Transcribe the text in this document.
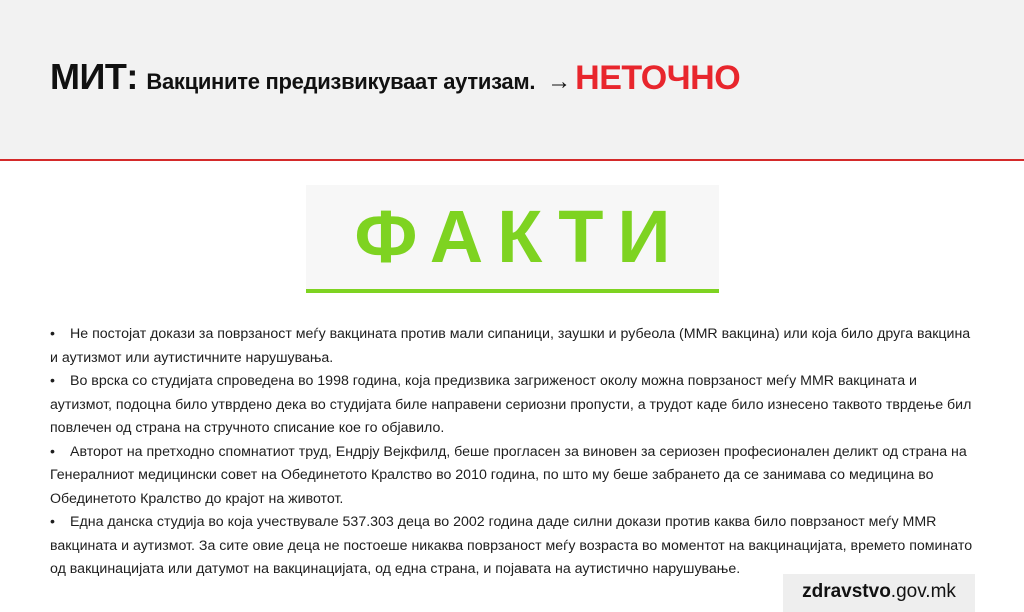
МИТ : Вакцините предизвикуваат аутизам. → НЕТОЧНО
ФАКТИ
• Не постојат докази за поврзаност меѓу вакцината против мали сипаници, заушки и рубеола (MMR вакцина) или која било друга вакцина и аутизмот или аутистичните нарушувања.
• Во врска со студијата спроведена во 1998 година, која предизвика загриженост околу можна поврзаност меѓу MMR вакцината и аутизмот, подоцна било утврдено дека во студијата биле направени сериозни пропусти, а трудот каде било изнесено таквото тврдење бил повлечен од страна на стручното списание кое го објавило.
• Авторот на претходно спомнатиот труд, Ендрју Вејкфилд, беше прогласен за виновен за сериозен професионален деликт од страна на Генералниот медицински совет на Обединетото Кралство во 2010 година, по што му беше забрането да се занимава со медицина во Обединетото Кралство до крајот на животот.
• Една данска студија во која учествувале 537.303 деца во 2002 година даде силни докази против каква било поврзаност меѓу MMR вакцината и аутизмот. За сите овие деца не постоеше никаква поврзаност меѓу возраста во моментот на вакцинацијата, времето поминато од вакцинацијата или датумот на вакцинацијата, од една страна, и појавата на аутистично нарушување.
zdravstvo.gov.mk
